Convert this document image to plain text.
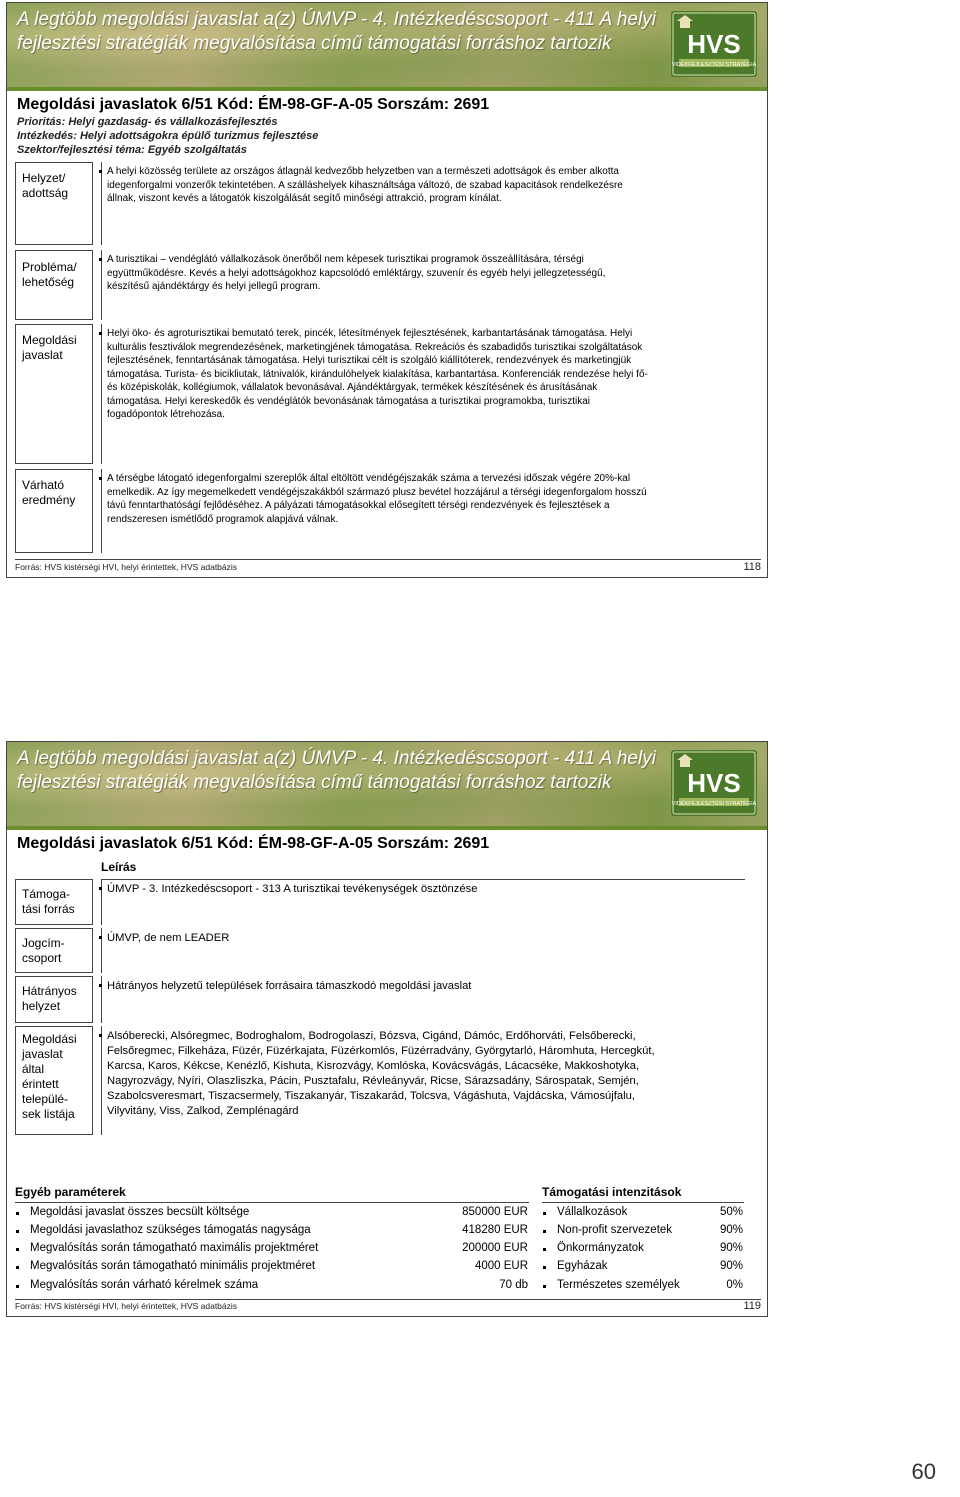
A legtöbb megoldási javaslat a(z) ÚMVP - 4. Intézkedéscsoport - 411 A helyi
fejlesztési stratégiák megvalósítása című támogatási forráshoz tartozik	HVS
VIDÉKFEJLESZTÉSI STRATÉGIA
Megoldási javaslatok 6/51 Kód: ÉM-98-GF-A-05 Sorszám: 2691
Prioritás: Helyi gazdaság- és vállalkozásfejlesztés
Intézkedés: Helyi adottságokra épülő turizmus fejlesztése
Szektor/fejlesztési téma: Egyéb szolgáltatás
Helyzet/
adottság
A helyi közösség területe az országos átlagnál kedvezőbb helyzetben van a természeti adottságok és ember alkotta
idegenforgalmi vonzerők tekintetében. A szálláshelyek kihasználtsága változó, de szabad kapacitások rendelkezésre
állnak, viszont kevés a látogatók kiszolgálását segítő minőségi attrakció, program kínálat.
Probléma/
lehetőség
A turisztikai – vendéglátó vállalkozások önerőből nem képesek turisztikai programok összeállítására, térségi
együttműködésre. Kevés a helyi adottságokhoz kapcsolódó emléktárgy, szuvenír és egyéb helyi jellegzetességű,
készítésű ajándéktárgy és helyi jellegű program.
Megoldási
javaslat
Helyi öko- és agroturisztikai bemutató terek, pincék, létesítmények fejlesztésének, karbantartásának támogatása. Helyi
kulturális fesztiválok megrendezésének, marketingjének támogatása. Rekreációs és szabadidős turisztikai szolgáltatások
fejlesztésének, fenntartásának támogatása. Helyi turisztikai célt is szolgáló kiállítóterek, rendezvények és marketingjük
támogatása. Turista- és bicikliutak, látnivalók, kirándulóhelyek kialakítása, karbantartása. Konferenciák rendezése helyi fő-
és középiskolák, kollégiumok, vállalatok bevonásával. Ajándéktárgyak, termékek készítésének és árusításának
támogatása. Helyi kereskedők és vendéglátók bevonásának támogatása a turisztikai programokba, turisztikai
fogadópontok létrehozása.
Várható
eredmény
A térségbe látogató idegenforgalmi szereplők által eltöltött vendégéjszakák száma a tervezési időszak végére 20%-kal
emelkedik. Az így megemelkedett vendégéjszakákból származó plusz bevétel hozzájárul a térségi idegenforgalom hosszú
távú fenntarthatóságí fejlődéséhez. A pályázati támogatásokkal elősegített térségi rendezvények és fejlesztések a
rendszeresen ismétlődő programok alapjává válnak.
Forrás: HVS kistérségi HVI, helyi érintettek, HVS adatbázis	118
A legtöbb megoldási javaslat a(z) ÚMVP - 4. Intézkedéscsoport - 411 A helyi
fejlesztési stratégiák megvalósítása című támogatási forráshoz tartozik	HVS
VIDÉKFEJLESZTÉSI STRATÉGIA
Megoldási javaslatok 6/51 Kód: ÉM-98-GF-A-05 Sorszám: 2691
Leírás
Támoga-
tási forrás
ÚMVP - 3. Intézkedéscsoport - 313 A turisztikai tevékenységek ösztönzése
Jogcím-
csoport
ÚMVP, de nem LEADER
Hátrányos
helyzet
Hátrányos helyzetű települések forrásaira támaszkodó megoldási javaslat
Megoldási
javaslat
által
érintett
települé-
sek listája
Alsóberecki, Alsóregmec, Bodroghalom, Bodrogolaszi, Bózsva, Cigánd, Dámóc, Erdőhorváti, Felsőberecki,
Felsőregmec, Filkeháza, Füzér, Füzérkajata, Füzérkomlós, Füzérradvány, Györgytarló, Háromhuta, Hercegkút,
Karcsa, Karos, Kékcse, Kenézlő, Kishuta, Kisrozvágy, Komlóska, Kovácsvágás, Lácacséke, Makkoshotyka,
Nagyrozvágy, Nyíri, Olaszliszka, Pácin, Pusztafalu, Révleányvár, Ricse, Sárazsadány, Sárospatak, Semjén,
Szabolcsveresmart, Tiszacsermely, Tiszakanyár, Tiszakarád, Tolcsva, Vágáshuta, Vajdácska, Vámosújfalu,
Vilyvitány, Viss, Zalkod, Zemplénagárd
Egyéb paraméterek
Megoldási javaslat összes becsült költsége	850000 EUR
Megoldási javaslathoz szükséges támogatás nagysága	418280 EUR
Megvalósítás során támogatható maximális projektméret	200000 EUR
Megvalósítás során támogatható minimális projektméret	4000 EUR
Megvalósítás során várható kérelmek száma	70 db
Támogatási intenzitások
Vállalkozások	50%
Non-profit szervezetek	90%
Önkormányzatok	90%
Egyházak	90%
Természetes személyek	0%
Forrás: HVS kistérségi HVI, helyi érintettek, HVS adatbázis	119
60
